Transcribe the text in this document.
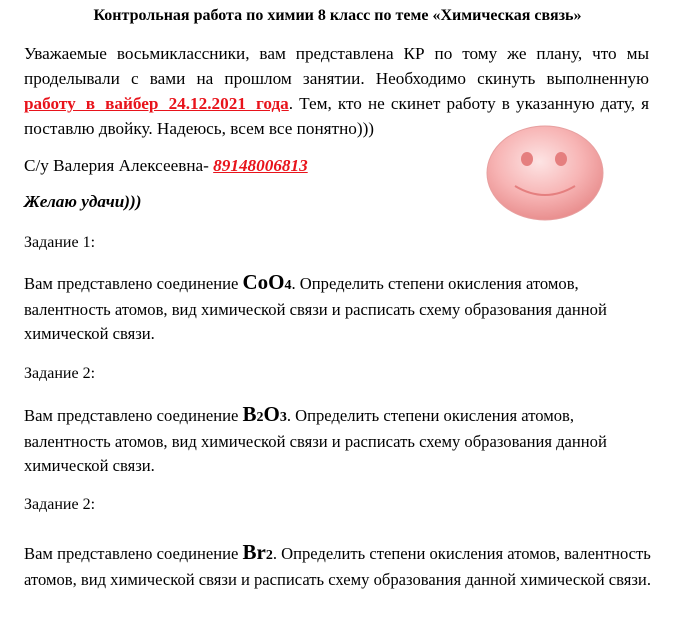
Контрольная работа по химии 8 класс по теме «Химическая связь»
Уважаемые восьмиклассники, вам представлена КР по тому же плану, что мы проделывали с вами на прошлом занятии. Необходимо скинуть выполненную работу в вайбер 24.12.2021 года. Тем, кто не скинет работу в указанную дату, я поставлю двойку. Надеюсь, всем все понятно)))
С/у Валерия Алексеевна- 89148006813
Желаю удачи)))
Задание 1:
Вам представлено соединение CoO4. Определить степени окисления атомов, валентность атомов, вид химической связи и расписать схему образования данной химической связи.
Задание 2:
Вам представлено соединение B2O3. Определить степени окисления атомов, валентность атомов, вид химической связи и расписать схему образования данной химической связи.
Задание 2:
Вам представлено соединение Br2. Определить степени окисления атомов, валентность атомов, вид химической связи и расписать схему образования данной химической связи.
